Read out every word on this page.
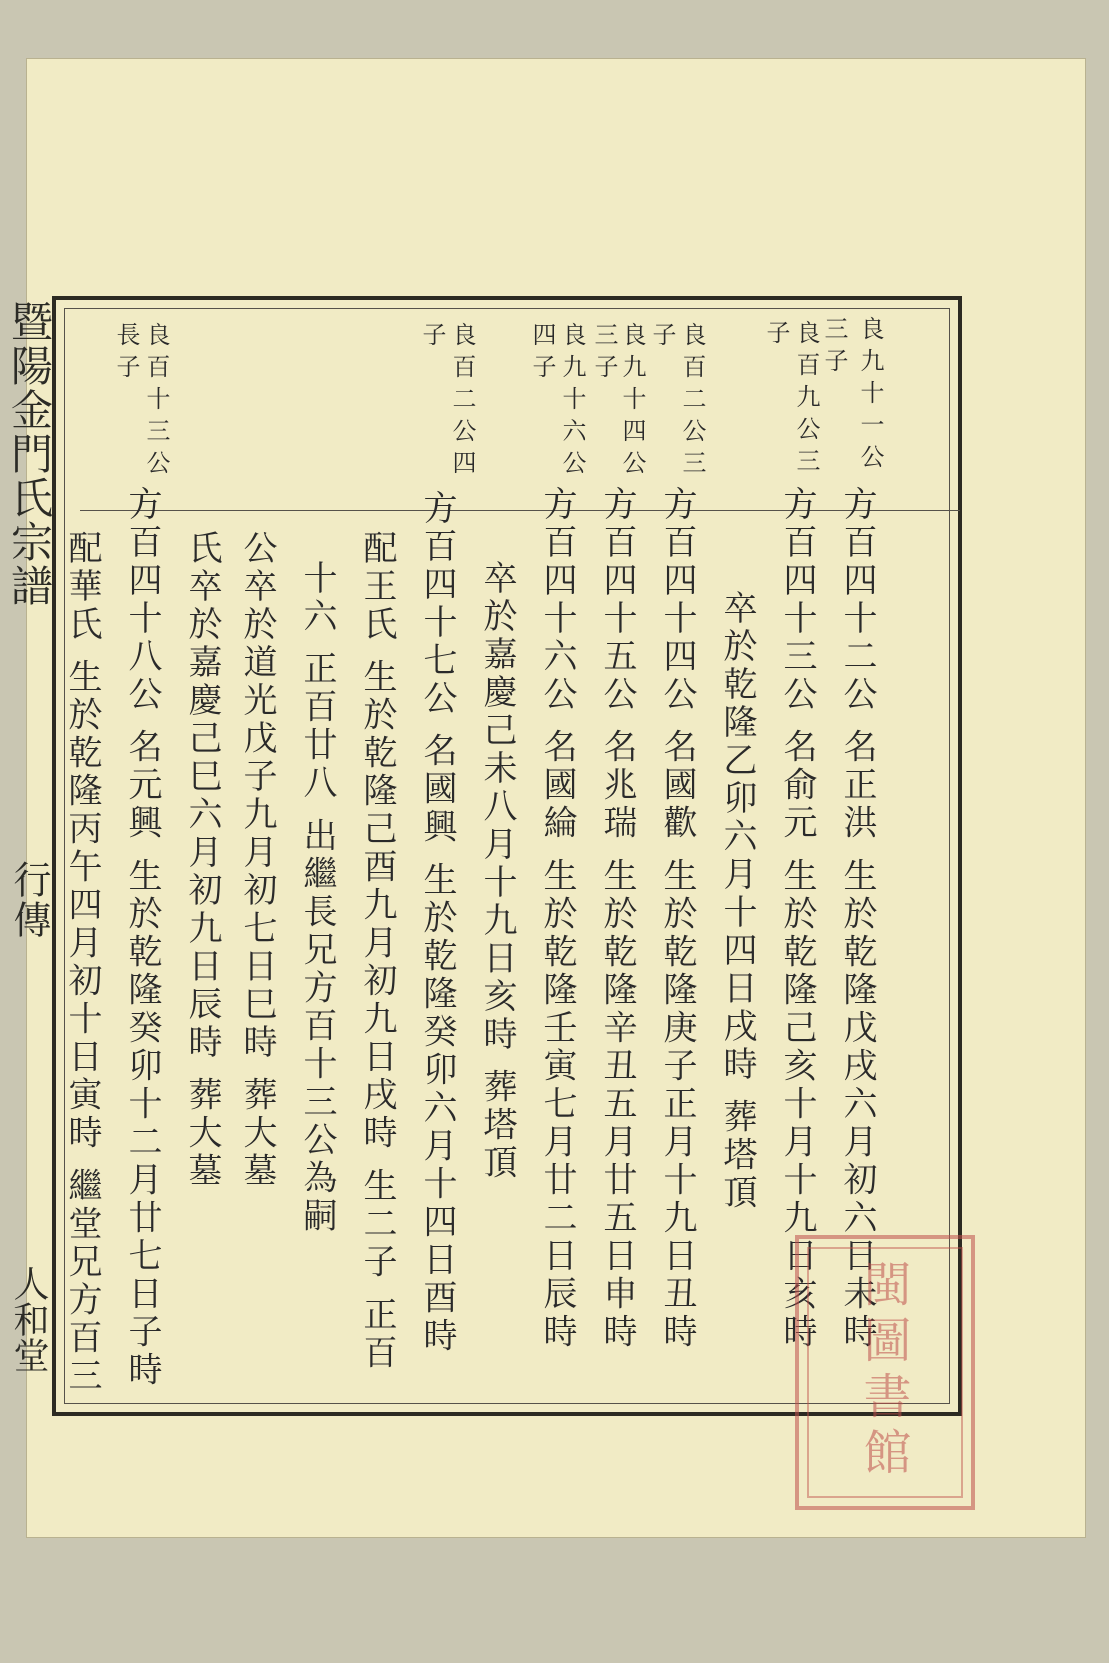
良九十一公
三子
良百九公三
子
良百二公三
子
良九十四公
三子
良九十六公
四子
良百二公四
子
良百十三公
長子
方百四十二公 名正洪 生於乾隆戊戌六月初六日未時
方百四十三公 名俞元 生於乾隆己亥十月十九日亥時
卒於乾隆乙卯六月十四日戌時 葬塔頂
方百四十四公 名國歡 生於乾隆庚子正月十九日丑時
方百四十五公 名兆瑞 生於乾隆辛丑五月廿五日申時
方百四十六公 名國綸 生於乾隆壬寅七月廿二日辰時
卒於嘉慶己未八月十九日亥時 葬塔頂
方百四十七公 名國興 生於乾隆癸卯六月十四日酉時
配王氏 生於乾隆己酉九月初九日戌時 生二子 正百
十六 正百廿八 出繼長兄方百十三公為嗣
公卒於道光戊子九月初七日巳時 葬大墓
氏卒於嘉慶己巳六月初九日辰時 葬大墓
方百四十八公 名元興 生於乾隆癸卯十二月廿七日子時
配華氏 生於乾隆丙午四月初十日寅時 繼堂兄方百三
暨陽金門氏宗譜
行傳
人和堂	閩圖書館
